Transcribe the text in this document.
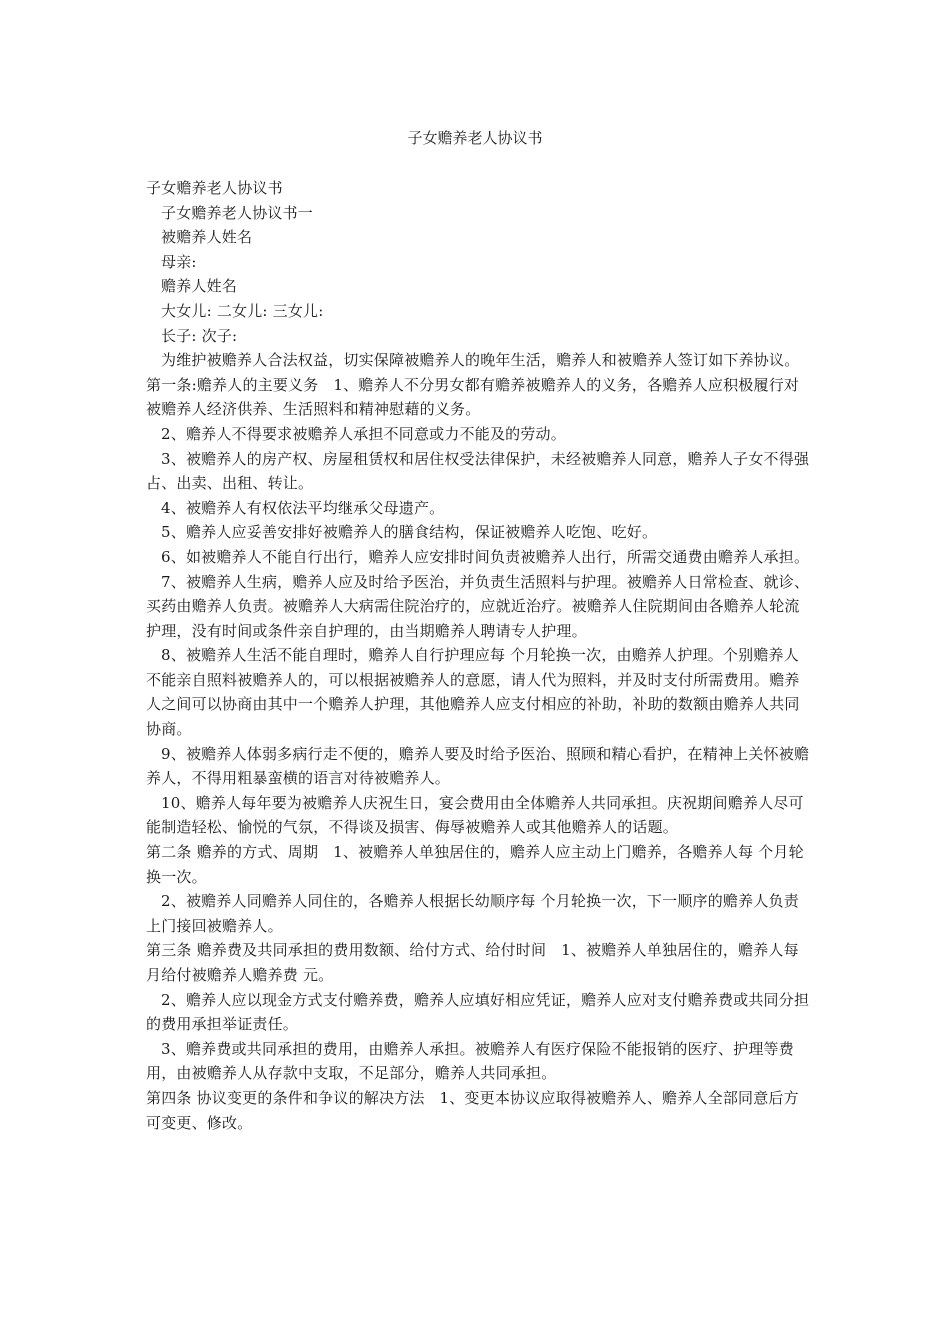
子女赡养老人协议书

子女赡养老人协议书

子女赡养老人协议书一

被赡养人姓名

母亲:

赡养人姓名

大女儿: 二女儿: 三女儿:

长子: 次子:

为维护被赡养人合法权益，切实保障被赡养人的晚年生活，赡养人和被赡养人签订如下养协议。

第一条:赡养人的主要义务   1、赡养人不分男女都有赡养被赡养人的义务，各赡养人应积极履行对被赡养人经济供养、生活照料和精神慰藉的义务。

2、赡养人不得要求被赡养人承担不同意或力不能及的劳动。

3、被赡养人的房产权、房屋租赁权和居住权受法律保护，未经被赡养人同意，赡养人子女不得强占、出卖、出租、转让。

4、被赡养人有权依法平均继承父母遗产。

5、赡养人应妥善安排好被赡养人的膳食结构，保证被赡养人吃饱、吃好。

6、如被赡养人不能自行出行，赡养人应安排时间负责被赡养人出行，所需交通费由赡养人承担。

7、被赡养人生病，赡养人应及时给予医治，并负责生活照料与护理。被赡养人日常检查、就诊、买药由赡养人负责。被赡养人大病需住院治疗的，应就近治疗。被赡养人住院期间由各赡养人轮流护理，没有时间或条件亲自护理的，由当期赡养人聘请专人护理。

8、被赡养人生活不能自理时，赡养人自行护理应每 个月轮换一次，由赡养人护理。个别赡养人不能亲自照料被赡养人的，可以根据被赡养人的意愿，请人代为照料，并及时支付所需费用。赡养人之间可以协商由其中一个赡养人护理，其他赡养人应支付相应的补助，补助的数额由赡养人共同协商。

9、被赡养人体弱多病行走不便的，赡养人要及时给予医治、照顾和精心看护，在精神上关怀被赡养人，不得用粗暴蛮横的语言对待被赡养人。

10、赡养人每年要为被赡养人庆祝生日，宴会费用由全体赡养人共同承担。庆祝期间赡养人尽可能制造轻松、愉悦的气氛，不得谈及损害、侮辱被赡养人或其他赡养人的话题。

第二条 赡养的方式、周期   1、被赡养人单独居住的，赡养人应主动上门赡养，各赡养人每 个月轮换一次。

2、被赡养人同赡养人同住的，各赡养人根据长幼顺序每 个月轮换一次，下一顺序的赡养人负责上门接回被赡养人。

第三条 赡养费及共同承担的费用数额、给付方式、给付时间   1、被赡养人单独居住的，赡养人每月给付被赡养人赡养费 元。

2、赡养人应以现金方式支付赡养费，赡养人应填好相应凭证，赡养人应对支付赡养费或共同分担的费用承担举证责任。

3、赡养费或共同承担的费用，由赡养人承担。被赡养人有医疗保险不能报销的医疗、护理等费用，由被赡养人从存款中支取，不足部分，赡养人共同承担。

第四条 协议变更的条件和争议的解决方法   1、变更本协议应取得被赡养人、赡养人全部同意后方可变更、修改。
